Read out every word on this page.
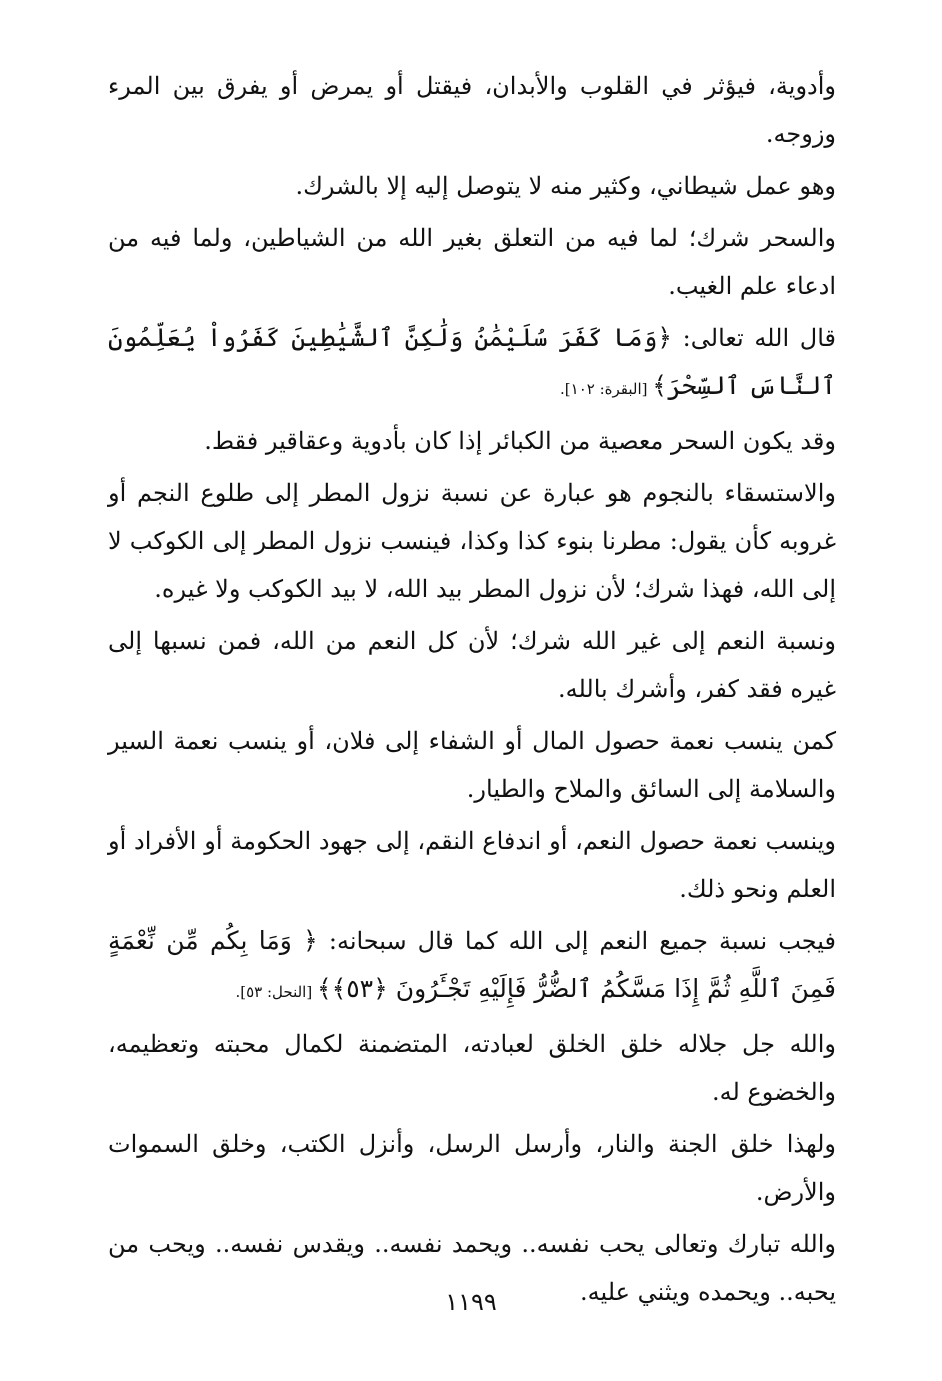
وأدوية، فيؤثر في القلوب والأبدان، فيقتل أو يمرض أو يفرق بين المرء وزوجه.

وهو عمل شيطاني، وكثير منه لا يتوصل إليه إلا بالشرك.

والسحر شرك؛ لما فيه من التعلق بغير الله من الشياطين، ولما فيه من ادعاء علم الغيب.

قال الله تعالى: ﴿وَمَا كَفَرَ سُلَيْمَٰنُ وَلَٰكِنَّ ٱلشَّيَٰطِينَ كَفَرُواْ يُعَلِّمُونَ ٱلنَّاسَ ٱلسِّحْرَ﴾ [البقرة: ١٠٢].

وقد يكون السحر معصية من الكبائر إذا كان بأدوية وعقاقير فقط.

والاستسقاء بالنجوم هو عبارة عن نسبة نزول المطر إلى طلوع النجم أو غروبه كأن يقول: مطرنا بنوء كذا وكذا، فينسب نزول المطر إلى الكوكب لا إلى الله، فهذا شرك؛ لأن نزول المطر بيد الله، لا بيد الكوكب ولا غيره.

ونسبة النعم إلى غير الله شرك؛ لأن كل النعم من الله، فمن نسبها إلى غيره فقد كفر، وأشرك بالله.

كمن ينسب نعمة حصول المال أو الشفاء إلى فلان، أو ينسب نعمة السير والسلامة إلى السائق والملاح والطيار.

وينسب نعمة حصول النعم، أو اندفاع النقم، إلى جهود الحكومة أو الأفراد أو العلم ونحو ذلك.

فيجب نسبة جميع النعم إلى الله كما قال سبحانه: ﴿ وَمَا بِكُم مِّن نِّعْمَةٍ فَمِنَ ٱللَّهِ ثُمَّ إِذَا مَسَّكُمُ ٱلضُّرُّ فَإِلَيْهِ تَجْـَٔرُونَ ﴿٥٣﴾﴾ [النحل: ٥٣].

والله جل جلاله خلق الخلق لعبادته، المتضمنة لكمال محبته وتعظيمه، والخضوع له.

ولهذا خلق الجنة والنار، وأرسل الرسل، وأنزل الكتب، وخلق السموات والأرض.

والله تبارك وتعالى يحب نفسه.. ويحمد نفسه.. ويقدس نفسه.. ويحب من يحبه.. ويحمده ويثني عليه.

١١٩٩
